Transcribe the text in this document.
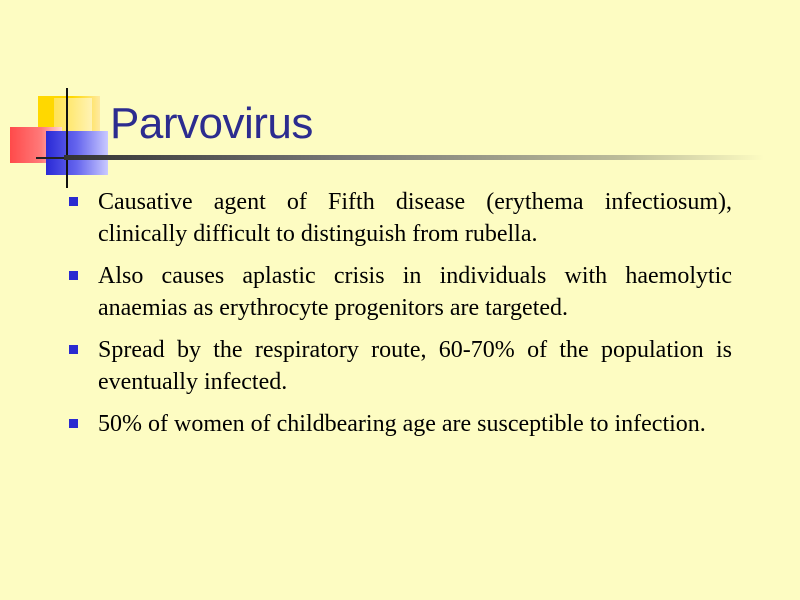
Parvovirus
Causative agent of Fifth disease (erythema infectiosum), clinically difficult to distinguish from rubella.
Also causes aplastic crisis in individuals with haemolytic anaemias as erythrocyte progenitors are targeted.
Spread by the respiratory route, 60-70% of the population is eventually infected.
50% of women of childbearing age are susceptible to infection.
